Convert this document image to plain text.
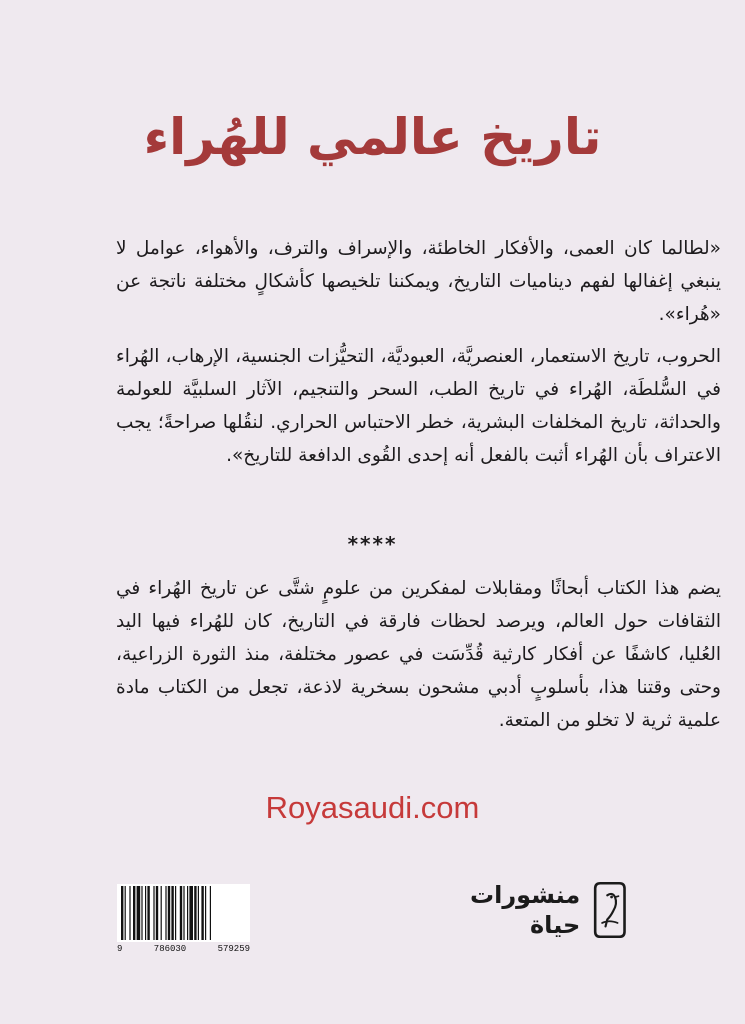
تاريخ عالمي للهُراء
«لطالما كان العمى، والأفكار الخاطئة، والإسراف والترف، والأهواء، عوامل لا ينبغي إغفالها لفهم ديناميات التاريخ، ويمكننا تلخيصها كأشكالٍ مختلفة ناتجة عن «هُراء».
الحروب، تاريخ الاستعمار، العنصريَّة، العبوديَّة، التحيُّزات الجنسية، الإرهاب، الهُراء في السُّلطَة، الهُراء في تاريخ الطب، السحر والتنجيم، الآثار السلبيَّة للعولمة والحداثة، تاريخ المخلفات البشرية، خطر الاحتباس الحراري. لنقُلها صراحةً؛ يجب الاعتراف بأن الهُراء أثبت بالفعل أنه إحدى القُوى الدافعة للتاريخ».
****
يضم هذا الكتاب أبحاثًا ومقابلات لمفكرين من علومٍ شتَّى عن تاريخ الهُراء في الثقافات حول العالم، ويرصد لحظات فارقة في التاريخ، كان للهُراء فيها اليد العُليا، كاشفًا عن أفكار كارثية قُدِّسَت في عصور مختلفة، منذ الثورة الزراعية، وحتى وقتنا هذا، بأسلوبٍ أدبي مشحون بسخرية لاذعة، تجعل من الكتاب مادة علمية ثرية لا تخلو من المتعة.
Royasaudi.com
9	786030	579259
منشورات
حياة
